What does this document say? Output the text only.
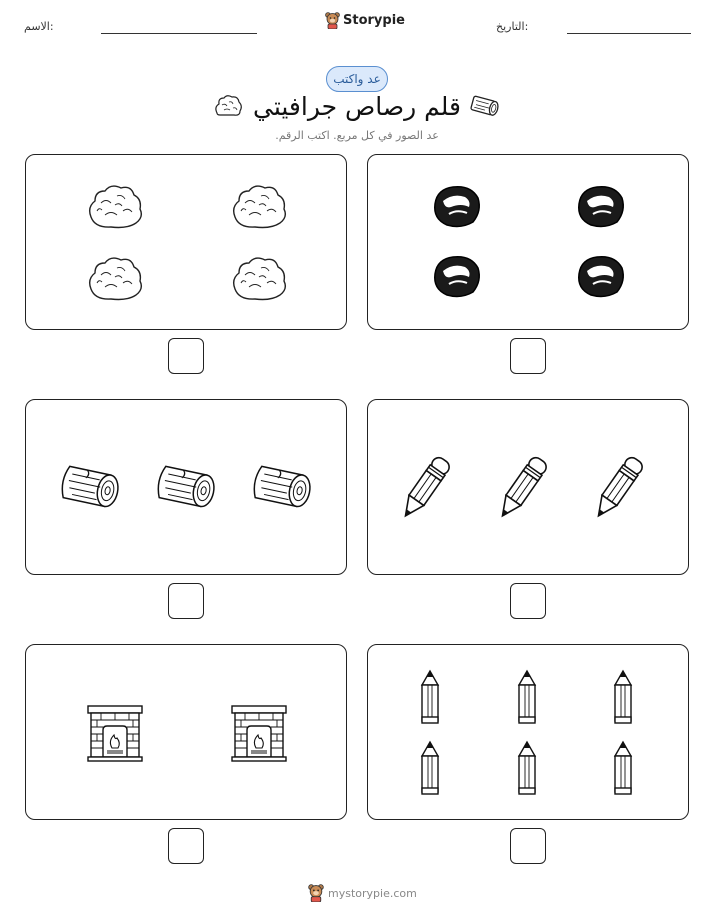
التاريخ:
Storypie
الاسم:
عد واكتب
قلم رصاص جرافيتي
عد الصور في كل مربع. اكتب الرقم.
mystorypie.com
